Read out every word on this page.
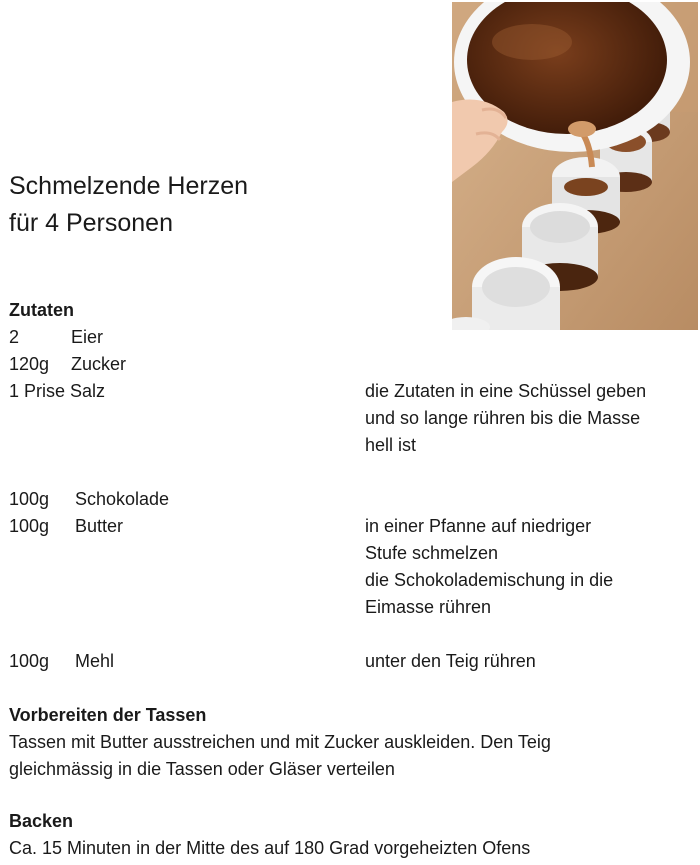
Schmelzende Herzen
für 4 Personen
Zutaten
2	Eier
120g Zucker
1 Prise Salz	die Zutaten in eine Schüssel geben
und so lange rühren bis die Masse
hell ist
100g Schokolade
100g Butter	in einer Pfanne auf niedriger
Stufe schmelzen
die Schokolademischung in die
Eimasse rühren
100g Mehl	unter den Teig rühren
Vorbereiten der Tassen
Tassen mit Butter ausstreichen und mit Zucker auskleiden. Den Teig
gleichmässig in die Tassen oder Gläser verteilen
Backen
Ca. 15 Minuten in der Mitte des auf 180 Grad vorgeheizten Ofens
